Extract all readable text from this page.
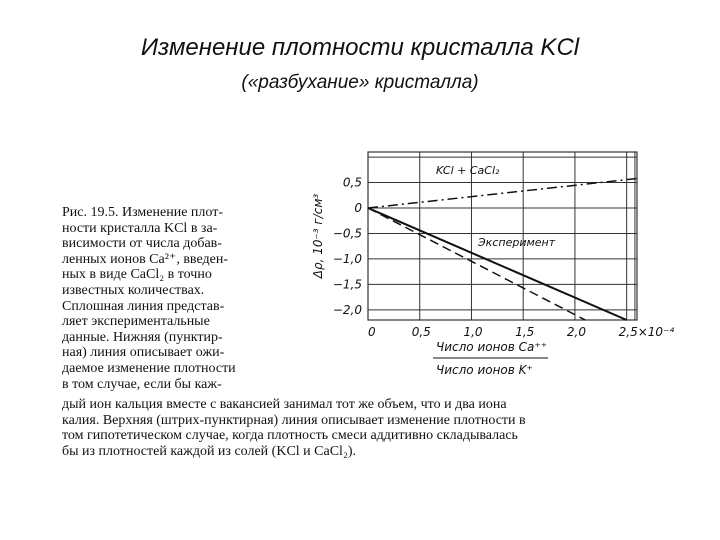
Изменение плотности кристалла KCl
(«разбухание» кристалла)
0	0,5	1,0	1,5	2,0	2,5×10⁻⁴
0,5
0
−0,5
−1,0
−1,5
−2,0
KCl + CaCl₂
Эксперимент
Δρ, 10⁻³ г/см³
Число ионов Ca⁺⁺
Число ионов K⁺
Рис. 19.5. Изменение плот-
ности кристалла KCl в за-
висимости от числа добав-
ленных ионов Ca²⁺, введен-
ных в виде CaCl₂ в точно
известных количествах.
Сплошная линия представ-
ляет экспериментальные
данные. Нижняя (пунктир-
ная) линия описывает ожи-
даемое изменение плотности
в том случае, если бы каж-
дый ион кальция вместе с вакансией занимал тот же объем, что и два иона
калия. Верхняя (штрих-пунктирная) линия описывает изменение плотности в
том гипотетическом случае, когда плотность смеси аддитивно складывалась
бы из плотностей каждой из солей (KCl и CaCl₂).
